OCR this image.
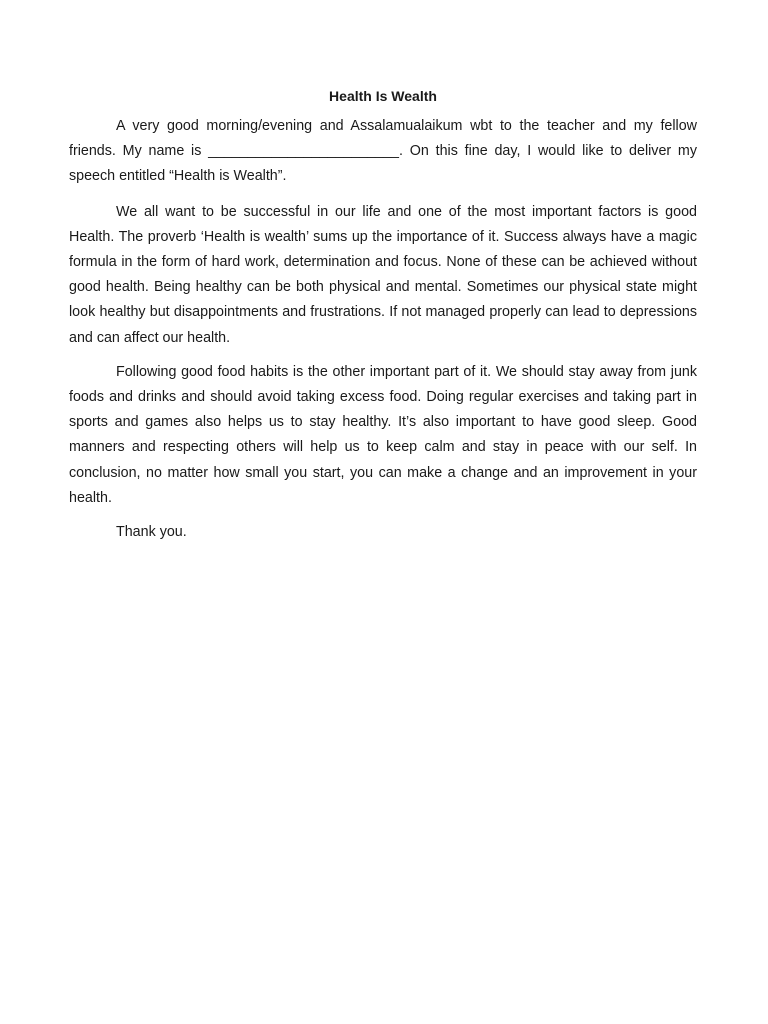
Health Is Wealth

A very good morning/evening and Assalamualaikum wbt to the teacher and my fellow friends. My name is ________________________. On this fine day, I would like to deliver my speech entitled “Health is Wealth”.

We all want to be successful in our life and one of the most important factors is good Health. The proverb ‘Health is wealth’ sums up the importance of it. Success always have a magic formula in the form of hard work, determination and focus. None of these can be achieved without good health. Being healthy can be both physical and mental. Sometimes our physical state might look healthy but disappointments and frustrations. If not managed properly can lead to depressions and can affect our health.

Following good food habits is the other important part of it. We should stay away from junk foods and drinks and should avoid taking excess food. Doing regular exercises and taking part in sports and games also helps us to stay healthy. It’s also important to have good sleep. Good manners and respecting others will help us to keep calm and stay in peace with our self. In conclusion, no matter how small you start, you can make a change and an improvement in your health.

Thank you.
